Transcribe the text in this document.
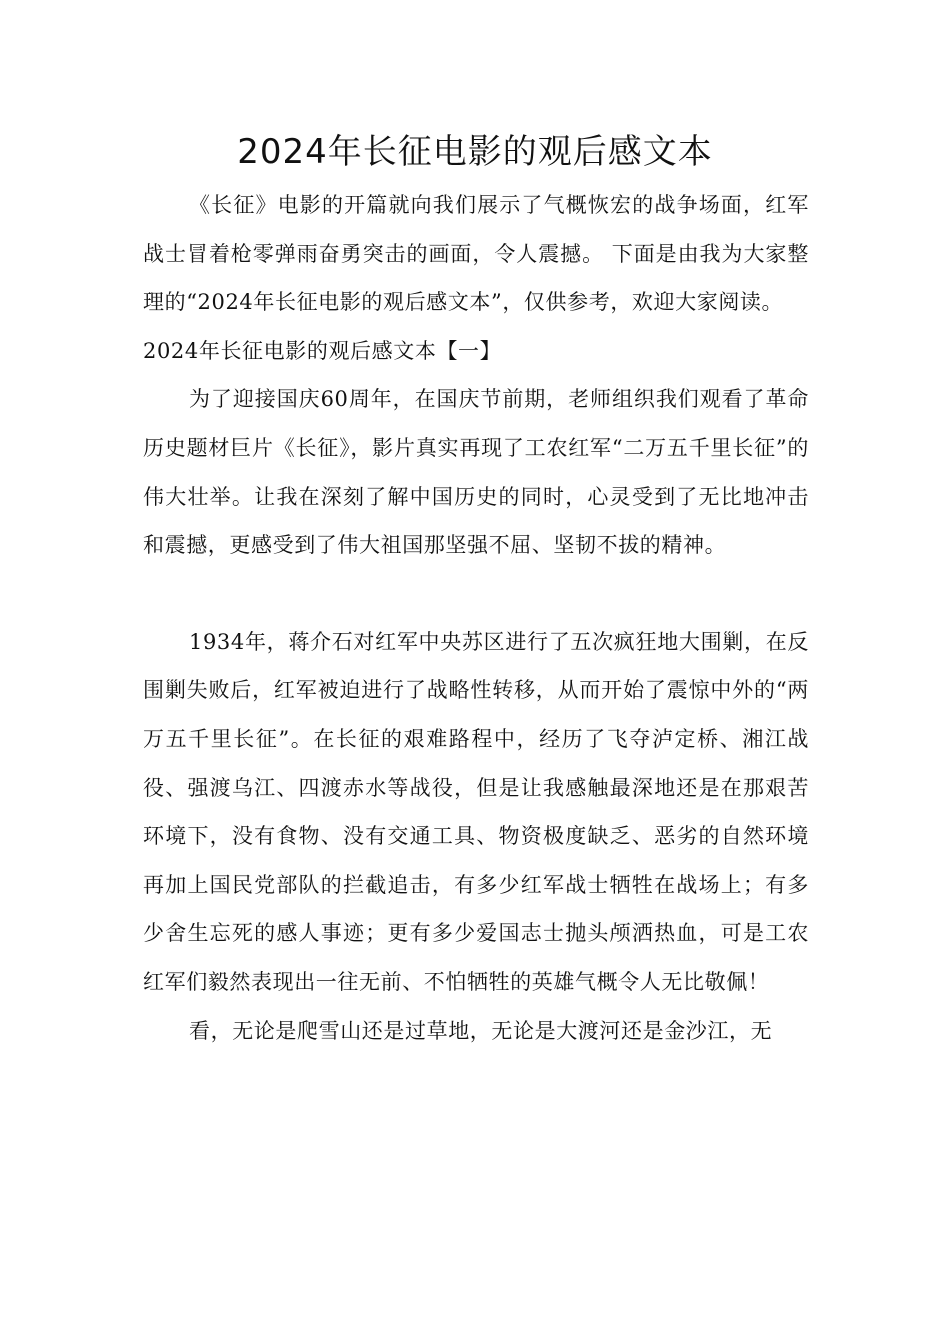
2024年长征电影的观后感文本

《长征》电影的开篇就向我们展示了气概恢宏的战争场面，红军战士冒着枪零弹雨奋勇突击的画面，令人震撼。 下面是由我为大家整理的“2024年长征电影的观后感文本”，仅供参考，欢迎大家阅读。

2024年长征电影的观后感文本【一】

为了迎接国庆60周年，在国庆节前期，老师组织我们观看了革命历史题材巨片《长征》，影片真实再现了工农红军“二万五千里长征”的伟大壮举。让我在深刻了解中国历史的同时，心灵受到了无比地冲击和震撼，更感受到了伟大祖国那坚强不屈、坚韧不拔的精神。

1934年，蒋介石对红军中央苏区进行了五次疯狂地大围剿，在反围剿失败后，红军被迫进行了战略性转移，从而开始了震惊中外的“两万五千里长征”。在长征的艰难路程中，经历了飞夺泸定桥、湘江战役、强渡乌江、四渡赤水等战役，但是让我感触最深地还是在那艰苦环境下，没有食物、没有交通工具、物资极度缺乏、恶劣的自然环境再加上国民党部队的拦截追击，有多少红军战士牺牲在战场上；有多少舍生忘死的感人事迹；更有多少爱国志士抛头颅洒热血，可是工农红军们毅然表现出一往无前、不怕牺牲的英雄气概令人无比敬佩！

看，无论是爬雪山还是过草地，无论是大渡河还是金沙江，无
